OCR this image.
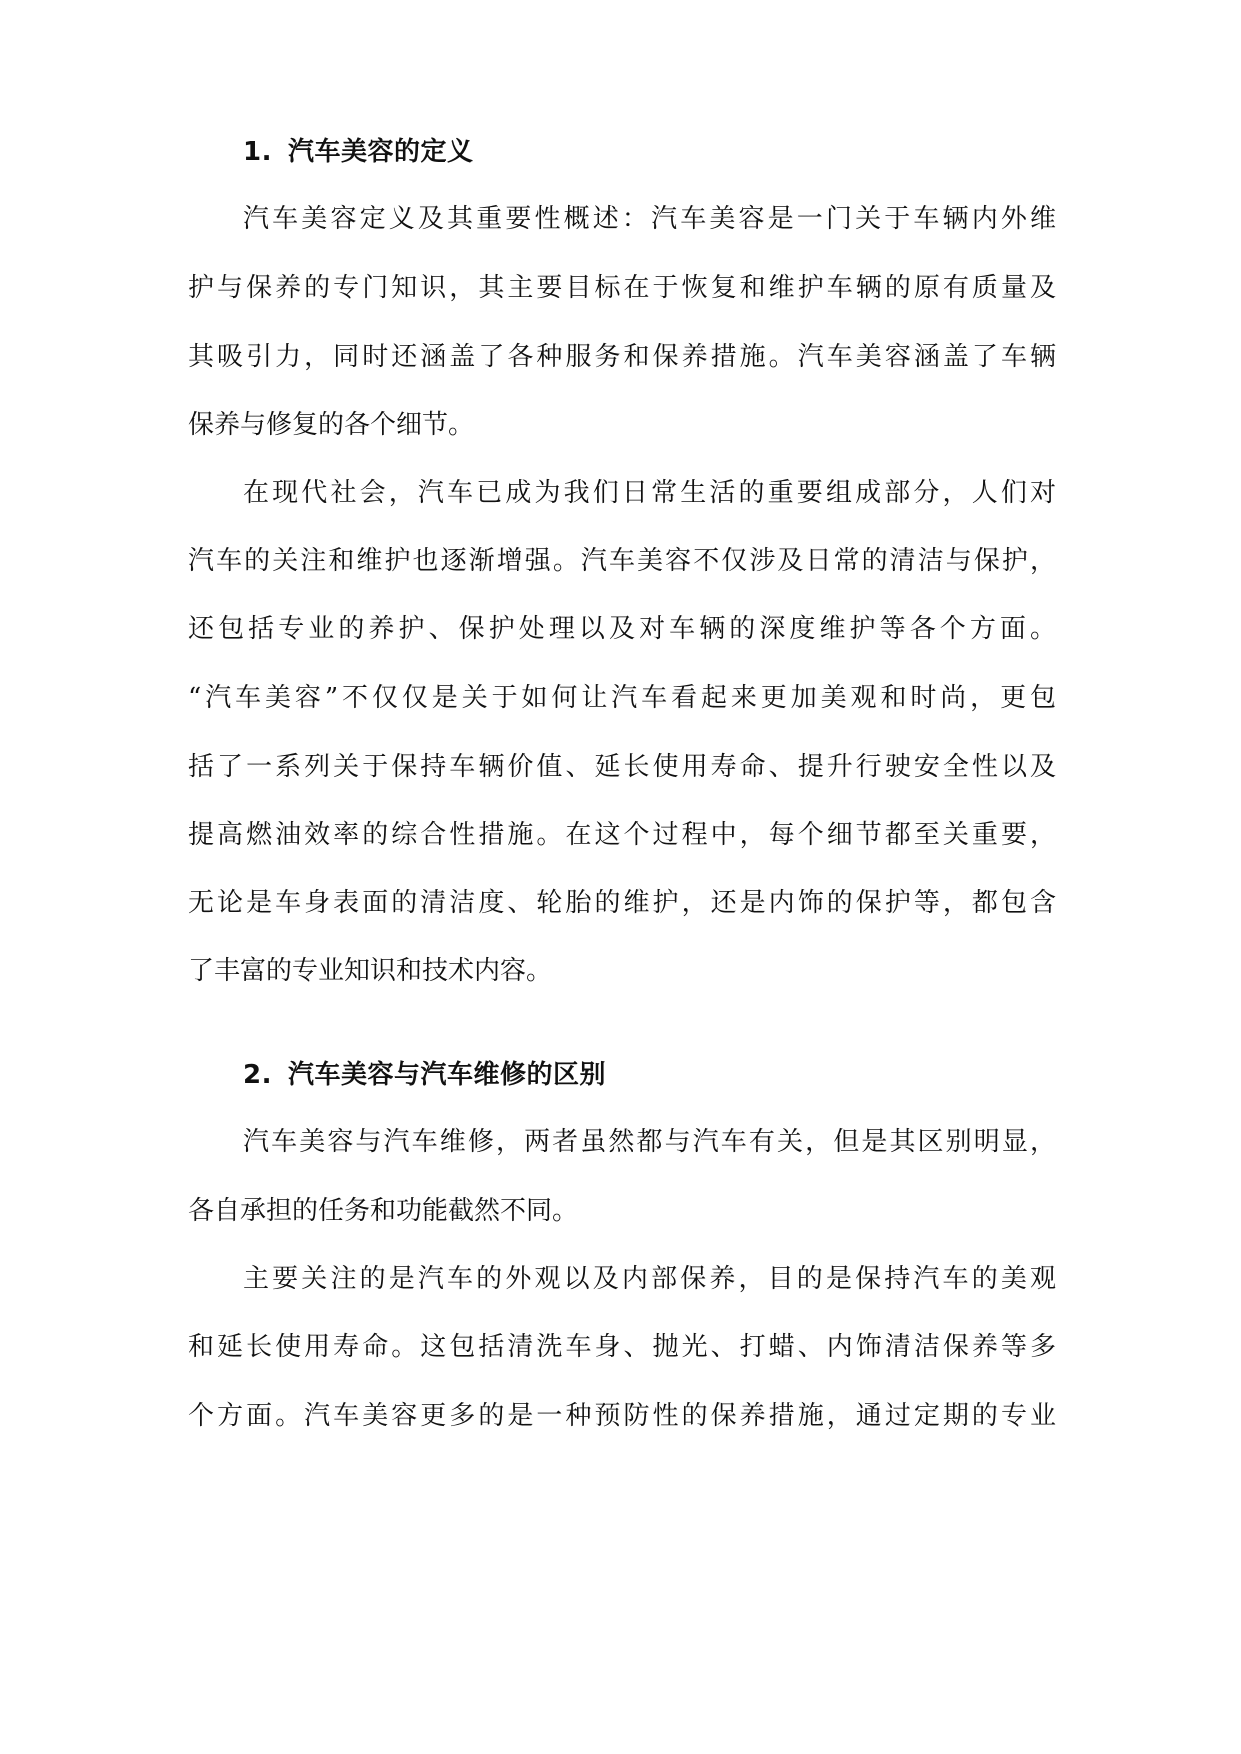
1. 汽车美容的定义
汽车美容定义及其重要性概述：汽车美容是一门关于车辆内外维
护与保养的专门知识，其主要目标在于恢复和维护车辆的原有质量及
其吸引力，同时还涵盖了各种服务和保养措施。汽车美容涵盖了车辆
保养与修复的各个细节。
在现代社会，汽车已成为我们日常生活的重要组成部分，人们对
汽车的关注和维护也逐渐增强。汽车美容不仅涉及日常的清洁与保护，
还包括专业的养护、保护处理以及对车辆的深度维护等各个方面。
“汽车美容”不仅仅是关于如何让汽车看起来更加美观和时尚，更包
括了一系列关于保持车辆价值、延长使用寿命、提升行驶安全性以及
提高燃油效率的综合性措施。在这个过程中，每个细节都至关重要，
无论是车身表面的清洁度、轮胎的维护，还是内饰的保护等，都包含
了丰富的专业知识和技术内容。
2. 汽车美容与汽车维修的区别
汽车美容与汽车维修，两者虽然都与汽车有关，但是其区别明显，
各自承担的任务和功能截然不同。
主要关注的是汽车的外观以及内部保养，目的是保持汽车的美观
和延长使用寿命。这包括清洗车身、抛光、打蜡、内饰清洁保养等多
个方面。汽车美容更多的是一种预防性的保养措施，通过定期的专业
